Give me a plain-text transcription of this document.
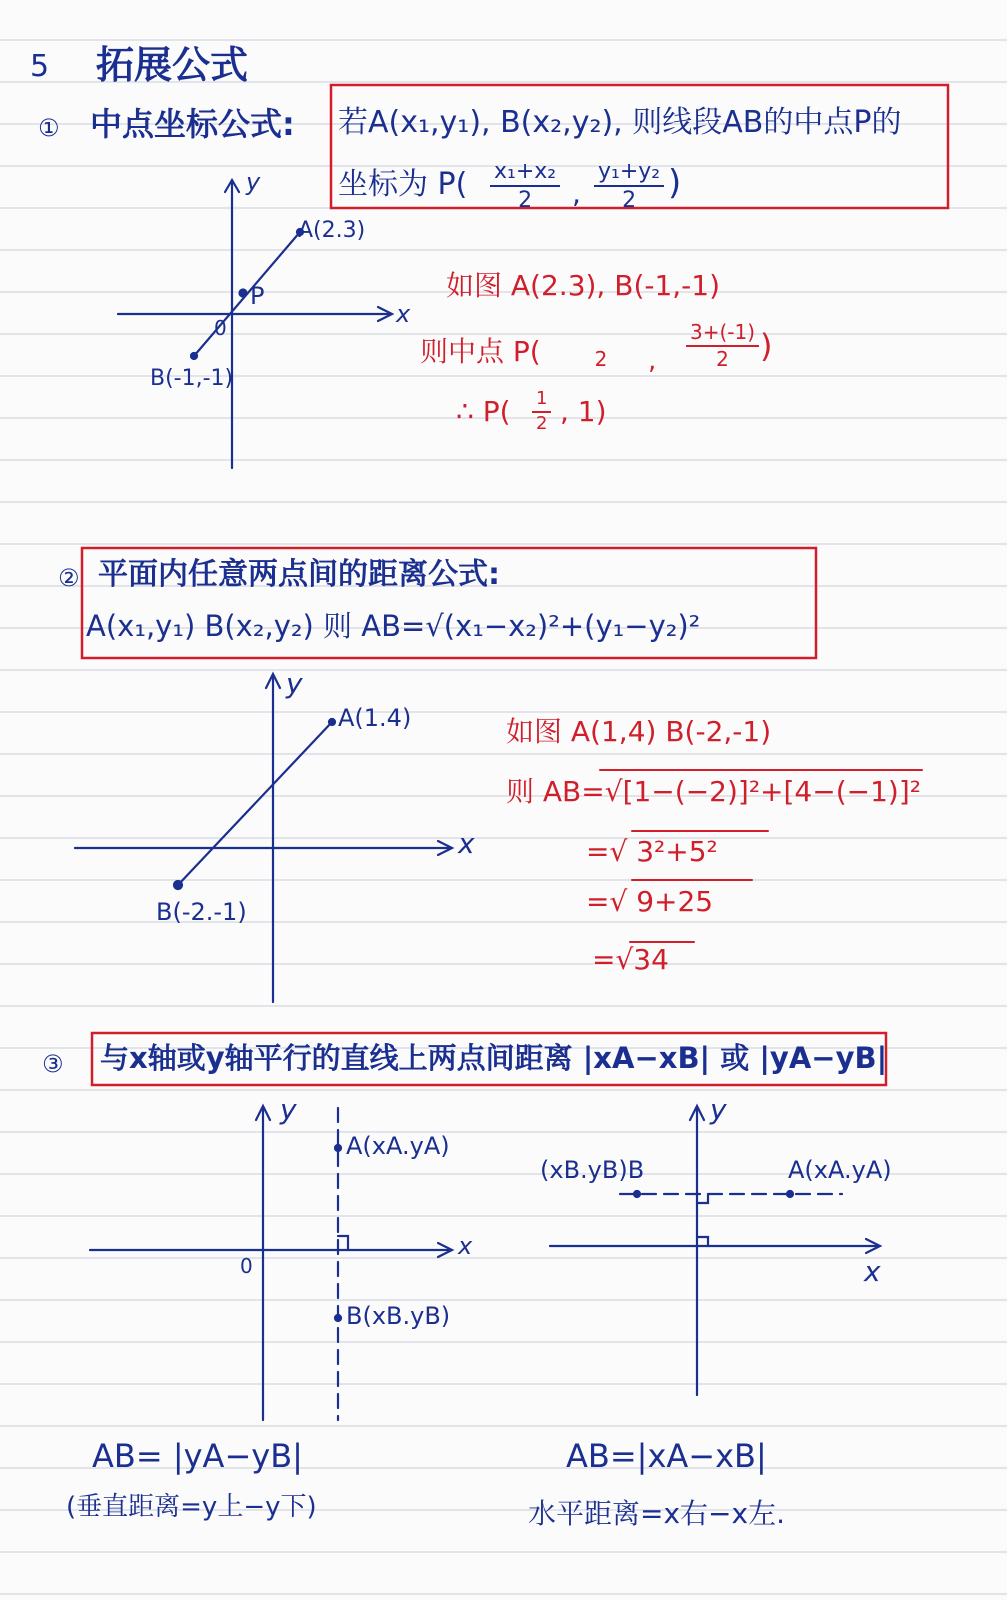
5 拓展公式
① 中点坐标公式: 若A(x₁,y₁), B(x₂,y₂), 则线段AB的中点P的
坐标为 $P( \frac{\text{x₁+x₂}}{2}$ , $\frac{\text{y₁+y₂}}{2}$ )
y
x
0
A(2.3)
B(-1,-1)
P	如图 A(2.3), B(-1,-1)
则中点 P(	2	, $\frac{3+(-1)}{2}$ )
∴ $P( \frac{1}{2}$ , 1)
② 平面内任意两点间的距离公式:
A(x₁,y₁) B(x₂,y₂) 则 AB=√(x₁−x₂)²+(y₁−y₂)²
y
x
A(1.4)
B(-2.-1)
如图 A(1,4) B(-2,-1)
则 AB=√[1−(−2)]²+[4−(−1)]²
=√ 3²+5²
=√ 9+25
=√34
③ 与x轴或y轴平行的直线上两点间距离 |xA−xB| 或 |yA−yB|
y
x
0
A(xA.yA)
B(xB.yB)
y
x
A(xA.yA)
(xB.yB)B
AB= |yA−yB|
(垂直距离=y上−y下)
AB=|xA−xB|
水平距离=x右−x左.
